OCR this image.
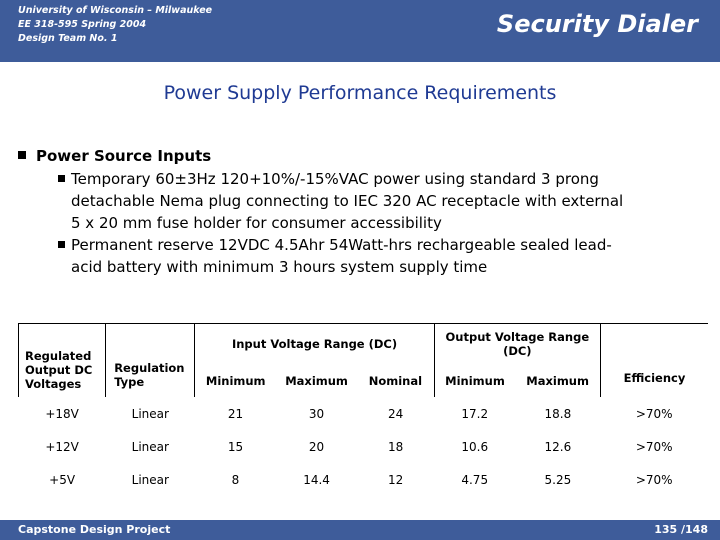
University of Wisconsin – Milwaukee
EE 318-595 Spring 2004
Design Team No. 1
Security Dialer
Power Supply Performance Requirements
Power Source Inputs
Temporary 60±3Hz 120+10%/-15%VAC power using standard 3 prong
detachable Nema plug connecting to IEC 320 AC receptacle with external
5 x 20 mm fuse holder for consumer accessibility
Permanent reserve 12VDC 4.5Ahr 54Watt-hrs rechargeable sealed lead-
acid battery with minimum 3 hours system supply time
Regulated Output DC Voltages	Regulation Type	Input Voltage Range (DC)			Output Voltage Range (DC)		Efficiency
		Minimum	Maximum	Nominal	Minimum	Maximum	
+18V	Linear	21	30	24	17.2	18.8	>70%
+12V	Linear	15	20	18	10.6	12.6	>70%
+5V	Linear	8	14.4	12	4.75	5.25	>70%
Capstone Design Project	135 /148
